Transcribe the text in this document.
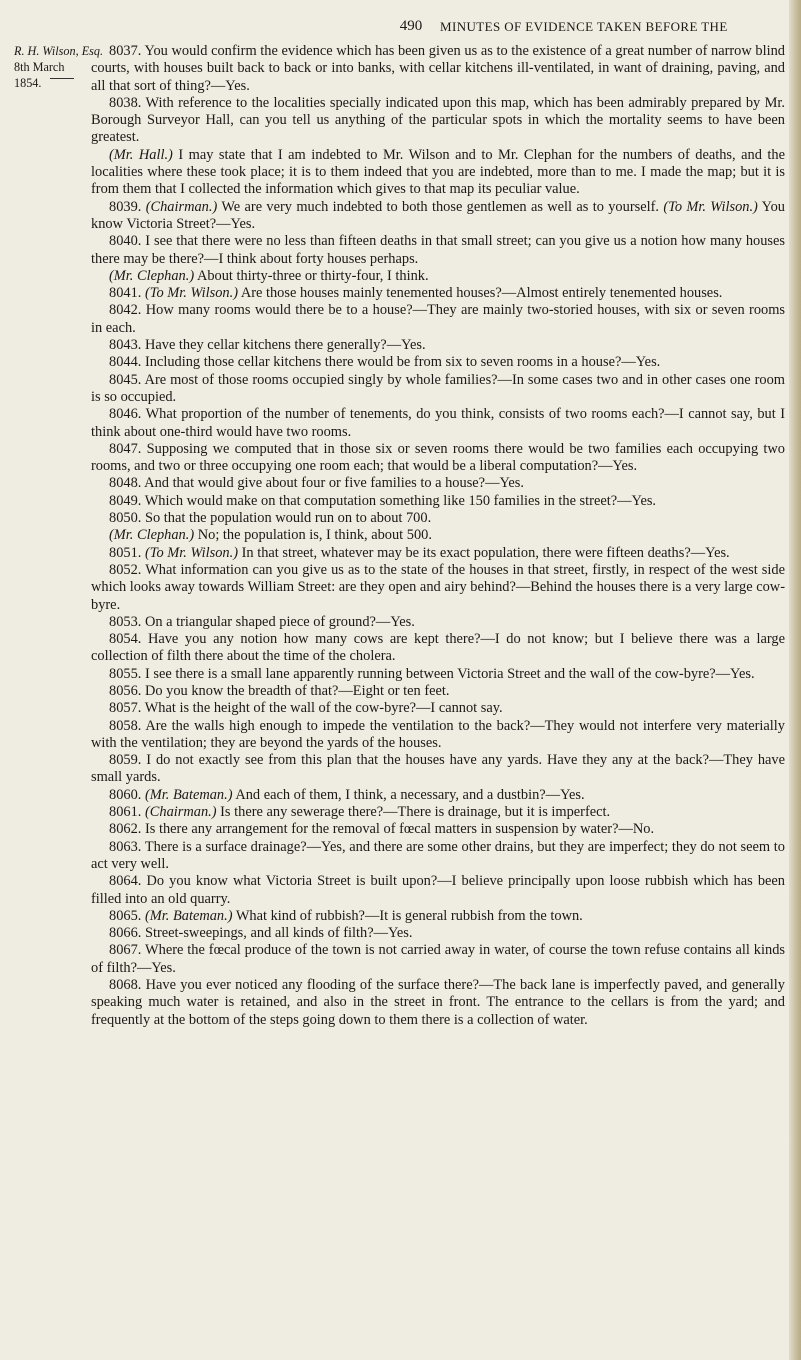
490	MINUTES OF EVIDENCE TAKEN BEFORE THE
R. H. Wilson, Esq.
8th March 1854.

8037. You would confirm the evidence which has been given us as to the existence of a great number of narrow blind courts, with houses built back to back or into banks, with cellar kitchens ill-ventilated, in want of draining, paving, and all that sort of thing?—Yes.

8038. With reference to the localities specially indicated upon this map, which has been admirably prepared by Mr. Borough Surveyor Hall, can you tell us anything of the particular spots in which the mortality seems to have been greatest.

(Mr. Hall.) I may state that I am indebted to Mr. Wilson and to Mr. Clephan for the numbers of deaths, and the localities where these took place; it is to them indeed that you are indebted, more than to me. I made the map; but it is from them that I collected the information which gives to that map its peculiar value.

8039. (Chairman.) We are very much indebted to both those gentlemen as well as to yourself. (To Mr. Wilson.) You know Victoria Street?—Yes.

8040. I see that there were no less than fifteen deaths in that small street; can you give us a notion how many houses there may be there?—I think about forty houses perhaps.

(Mr. Clephan.) About thirty-three or thirty-four, I think.

8041. (To Mr. Wilson.) Are those houses mainly tenemented houses?—Almost entirely tenemented houses.

8042. How many rooms would there be to a house?—They are mainly two-storied houses, with six or seven rooms in each.

8043. Have they cellar kitchens there generally?—Yes.

8044. Including those cellar kitchens there would be from six to seven rooms in a house?—Yes.

8045. Are most of those rooms occupied singly by whole families?—In some cases two and in other cases one room is so occupied.

8046. What proportion of the number of tenements, do you think, consists of two rooms each?—I cannot say, but I think about one-third would have two rooms.

8047. Supposing we computed that in those six or seven rooms there would be two families each occupying two rooms, and two or three occupying one room each; that would be a liberal computation?—Yes.

8048. And that would give about four or five families to a house?—Yes.

8049. Which would make on that computation something like 150 families in the street?—Yes.

8050. So that the population would run on to about 700.

(Mr. Clephan.) No; the population is, I think, about 500.

8051. (To Mr. Wilson.) In that street, whatever may be its exact population, there were fifteen deaths?—Yes.

8052. What information can you give us as to the state of the houses in that street, firstly, in respect of the west side which looks away towards William Street: are they open and airy behind?—Behind the houses there is a very large cow-byre.

8053. On a triangular shaped piece of ground?—Yes.

8054. Have you any notion how many cows are kept there?—I do not know; but I believe there was a large collection of filth there about the time of the cholera.

8055. I see there is a small lane apparently running between Victoria Street and the wall of the cow-byre?—Yes.

8056. Do you know the breadth of that?—Eight or ten feet.

8057. What is the height of the wall of the cow-byre?—I cannot say.

8058. Are the walls high enough to impede the ventilation to the back?—They would not interfere very materially with the ventilation; they are beyond the yards of the houses.

8059. I do not exactly see from this plan that the houses have any yards. Have they any at the back?—They have small yards.

8060. (Mr. Bateman.) And each of them, I think, a necessary, and a dustbin?—Yes.

8061. (Chairman.) Is there any sewerage there?—There is drainage, but it is imperfect.

8062. Is there any arrangement for the removal of fœcal matters in suspension by water?—No.

8063. There is a surface drainage?—Yes, and there are some other drains, but they are imperfect; they do not seem to act very well.

8064. Do you know what Victoria Street is built upon?—I believe principally upon loose rubbish which has been filled into an old quarry.

8065. (Mr. Bateman.) What kind of rubbish?—It is general rubbish from the town.

8066. Street-sweepings, and all kinds of filth?—Yes.

8067. Where the fœcal produce of the town is not carried away in water, of course the town refuse contains all kinds of filth?—Yes.

8068. Have you ever noticed any flooding of the surface there?—The back lane is imperfectly paved, and generally speaking much water is retained, and also in the street in front. The entrance to the cellars is from the yard; and frequently at the bottom of the steps going down to them there is a collection of water.
